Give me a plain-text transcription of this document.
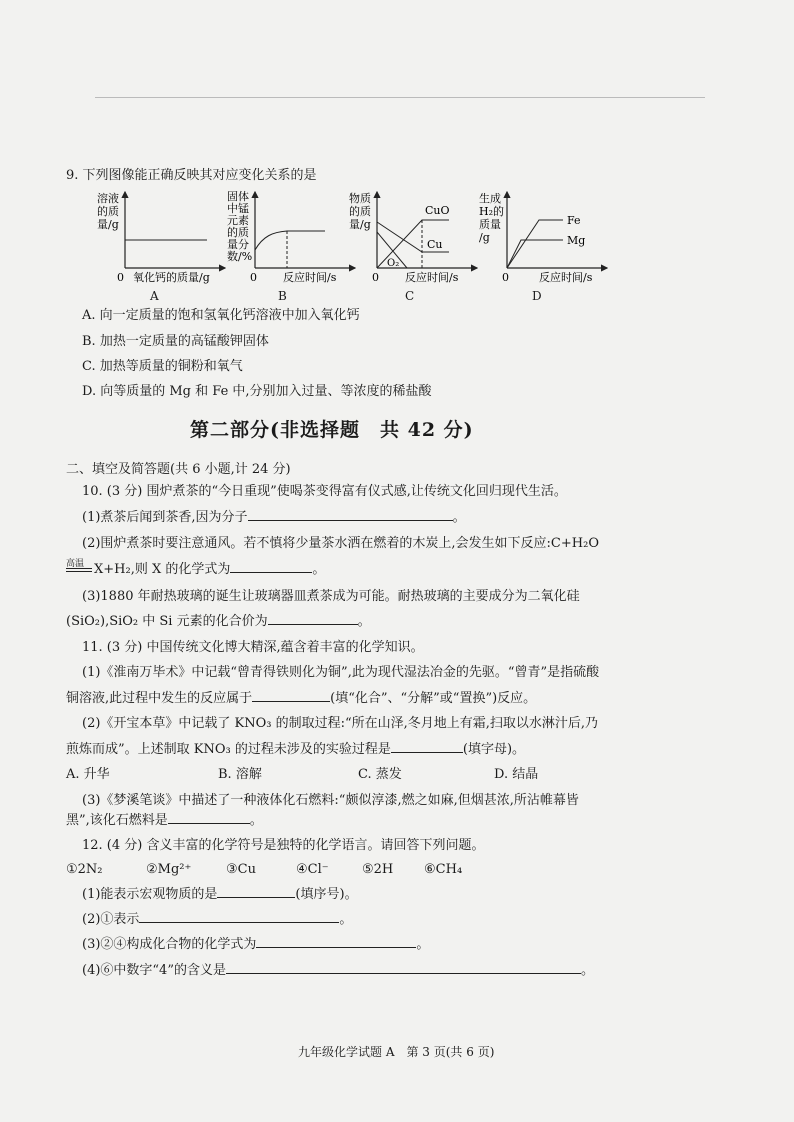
9. 下列图像能正确反映其对应变化关系的是
溶液
的质
量/g
0 氧化钙的质量/g
A
固体
中锰
元素
的质
量分
数/%
0 反应时间/s
B
CuO
Cu
O₂
物质
的质
量/g
0 反应时间/s
C
Fe
Mg
生成
H₂的
质量
/g
0	反应时间/s
D
A. 向一定质量的饱和氢氧化钙溶液中加入氧化钙
B. 加热一定质量的高锰酸钾固体
C. 加热等质量的铜粉和氧气
D. 向等质量的 Mg 和 Fe 中,分别加入过量、等浓度的稀盐酸
第二部分(非选择题　共 42 分)
二、填空及简答题(共 6 小题,计 24 分)
10. (3 分) 围炉煮茶的“今日重现”使喝茶变得富有仪式感,让传统文化回归现代生活。
(1)煮茶后闻到茶香,因为分子	。
(2)围炉煮茶时要注意通风。若不慎将少量茶水洒在燃着的木炭上,会发生如下反应:C+H₂O
高温 X+H₂,则 X 的化学式为	。
(3)1880 年耐热玻璃的诞生让玻璃器皿煮茶成为可能。耐热玻璃的主要成分为二氧化硅
(SiO₂),SiO₂ 中 Si 元素的化合价为	。
11. (3 分) 中国传统文化博大精深,蕴含着丰富的化学知识。
(1)《淮南万毕术》中记载“曾青得铁则化为铜”,此为现代湿法冶金的先驱。“曾青”是指硫酸
铜溶液,此过程中发生的反应属于	(填“化合”、“分解”或“置换”)反应。
(2)《开宝本草》中记载了 KNO₃ 的制取过程:“所在山泽,冬月地上有霜,扫取以水淋汁后,乃
煎炼而成”。上述制取 KNO₃ 的过程未涉及的实验过程是	(填字母)。
A. 升华	B. 溶解	C. 蒸发	D. 结晶
(3)《梦溪笔谈》中描述了一种液体化石燃料:“颇似淳漆,燃之如麻,但烟甚浓,所沾帷幕皆
黑”,该化石燃料是	。
12. (4 分) 含义丰富的化学符号是独特的化学语言。请回答下列问题。
①2N₂	②Mg²⁺	③Cu	④Cl⁻	⑤2H ⑥CH₄
(1)能表示宏观物质的是	(填序号)。
(2)①表示	。
(3)②④构成化合物的化学式为	。
(4)⑥中数字“4”的含义是	。
九年级化学试题 A　第 3 页(共 6 页)
